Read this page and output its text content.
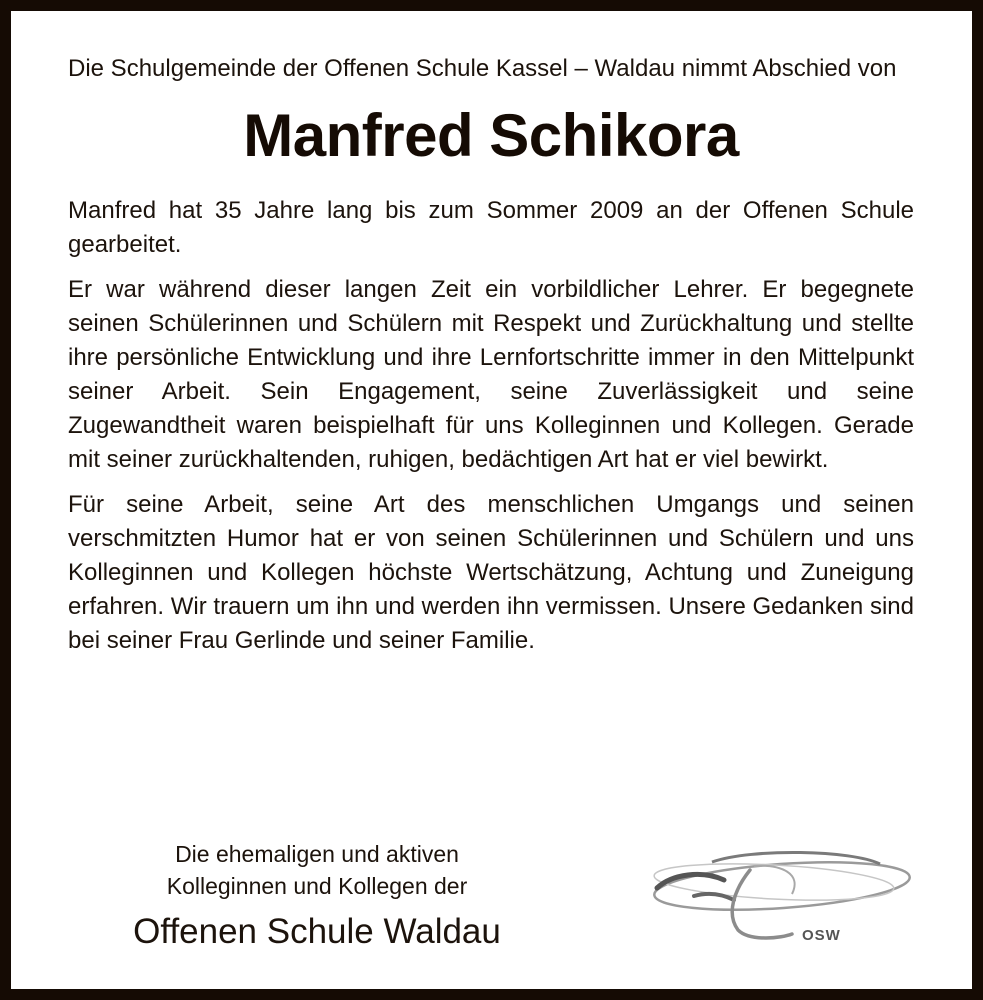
Die Schulgemeinde der Offenen Schule Kassel – Waldau nimmt Abschied von

Manfred Schikora

Manfred hat 35 Jahre lang bis zum Sommer 2009 an der Offenen Schule gearbeitet.

Er war während dieser langen Zeit ein vorbildlicher Lehrer. Er begegnete seinen Schülerinnen und Schülern mit Respekt und Zurückhaltung und stellte ihre persönliche Entwicklung und ihre Lernfortschritte immer in den Mittelpunkt seiner Arbeit. Sein Engagement, seine Zuverlässigkeit und seine Zugewandtheit waren beispielhaft für uns Kolleginnen und Kollegen. Gerade mit seiner zurückhaltenden, ruhigen, bedächtigen Art hat er viel bewirkt.

Für seine Arbeit, seine Art des menschlichen Umgangs und seinen verschmitzten Humor hat er von seinen Schülerinnen und Schülern und uns Kolleginnen und Kollegen höchste Wertschätzung, Achtung und Zuneigung erfahren. Wir trauern um ihn und werden ihn vermissen. Unsere Gedanken sind bei seiner Frau Gerlinde und seiner Familie.

Die ehemaligen und aktiven
Kolleginnen und Kollegen der
Offenen Schule Waldau	OSW
